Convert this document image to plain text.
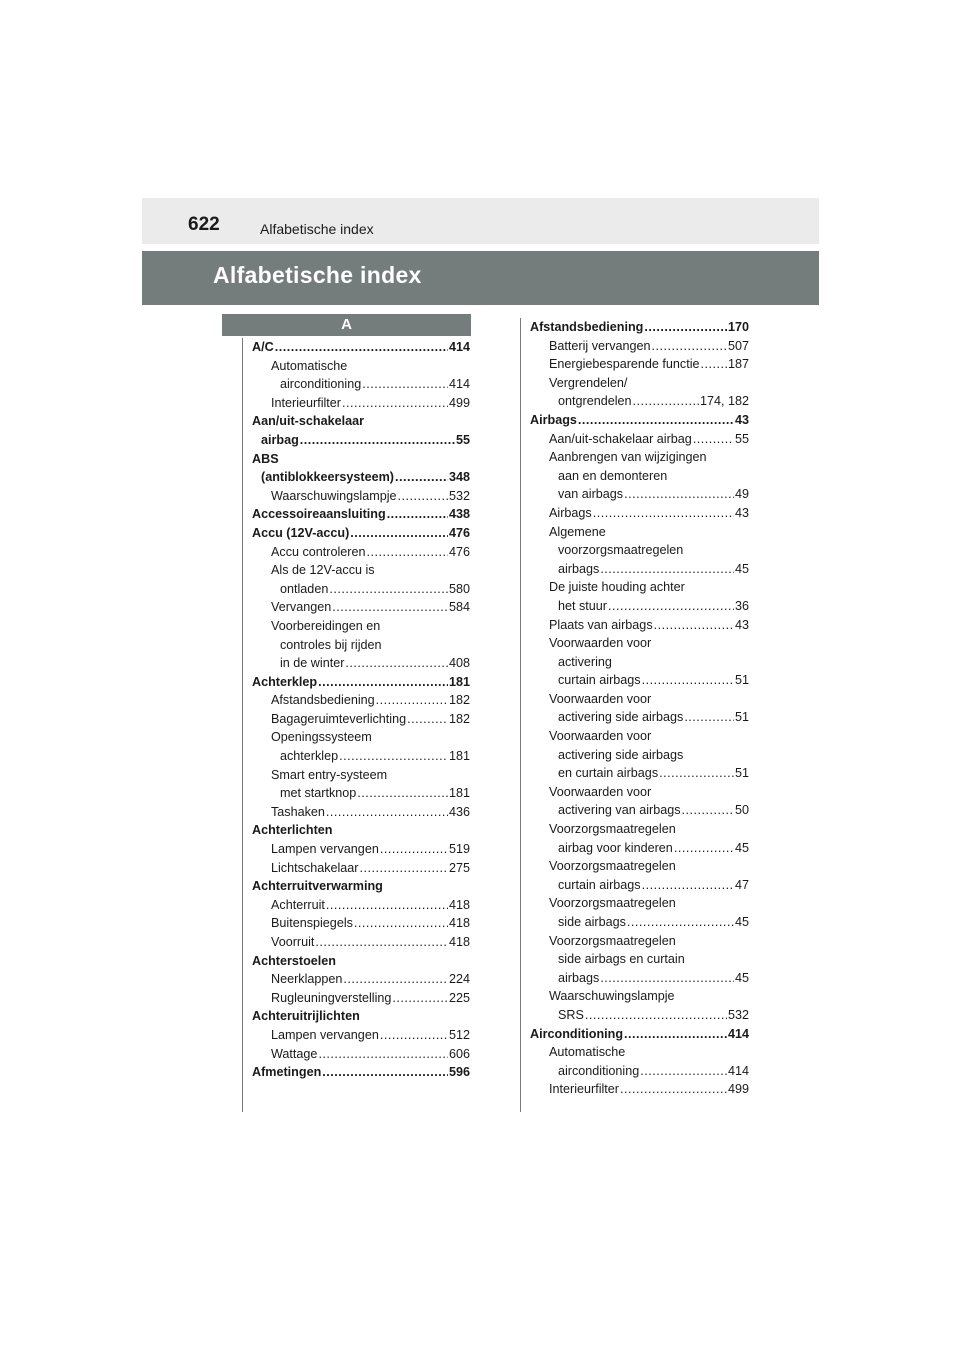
622	Alfabetische index
Alfabetische index
A
A/C .....	414
Automatische
airconditioning .....	414
Interieurfilter .....	499
Aan/uit-schakelaar
airbag .....	55
ABS
(antiblokkeersysteem) .....	348
Waarschuwingslampje .....	532
Accessoireaansluiting .....	438
Accu (12V-accu) .....	476
Accu controleren .....	476
Als de 12V-accu is
ontladen .....	580
Vervangen .....	584
Voorbereidingen en
controles bij rijden
in de winter .....	408
Achterklep .....	181
Afstandsbediening .....	182
Bagageruimteverlichting .....	182
Openingssysteem
achterklep .....	181
Smart entry-systeem
met startknop .....	181
Tashaken .....	436
Achterlichten
Lampen vervangen .....	519
Lichtschakelaar .....	275
Achterruitverwarming
Achterruit .....	418
Buitenspiegels .....	418
Voorruit .....	418
Achterstoelen
Neerklappen .....	224
Rugleuningverstelling .....	225
Achteruitrijlichten
Lampen vervangen .....	512
Wattage .....	606
Afmetingen .....	596
Afstandsbediening .....	170
Batterij vervangen .....	507
Energiebesparende functie ..... 187
Vergrendelen/
ontgrendelen .....	174, 182
Airbags .....	43
Aan/uit-schakelaar airbag .....	55
Aanbrengen van wijzigingen
aan en demonteren
van airbags .....	49
Airbags .....	43
Algemene
voorzorgsmaatregelen
airbags .....	45
De juiste houding achter
het stuur .....	36
Plaats van airbags .....	43
Voorwaarden voor
activering
curtain airbags .....	51
Voorwaarden voor
activering side airbags .....	51
Voorwaarden voor
activering side airbags
en curtain airbags .....	51
Voorwaarden voor
activering van airbags .....	50
Voorzorgsmaatregelen
airbag voor kinderen .....	45
Voorzorgsmaatregelen
curtain airbags .....	47
Voorzorgsmaatregelen
side airbags .....	45
Voorzorgsmaatregelen
side airbags en curtain
airbags .....	45
Waarschuwingslampje
SRS .....	532
Airconditioning .....	414
Automatische
airconditioning .....	414
Interieurfilter .....	499
